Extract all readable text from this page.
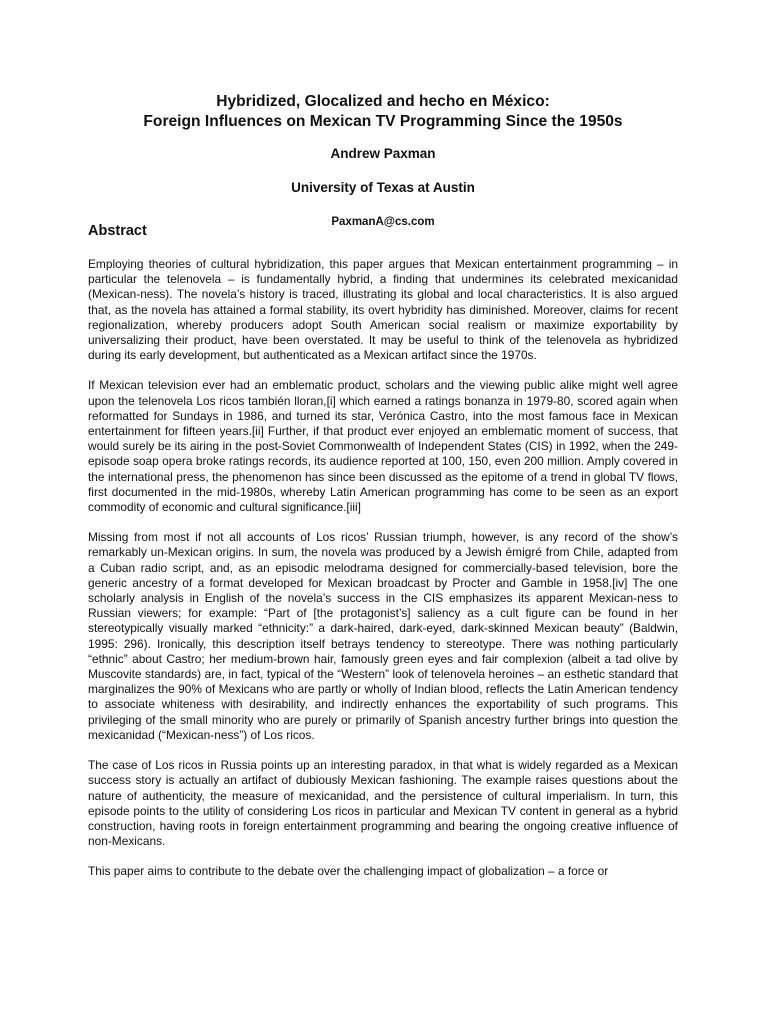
Hybridized, Glocalized and hecho en México:
Foreign Influences on Mexican TV Programming Since the 1950s
Andrew Paxman
University of Texas at Austin
PaxmanA@cs.com
Abstract

Employing theories of cultural hybridization, this paper argues that Mexican entertainment programming – in particular the telenovela – is fundamentally hybrid, a finding that undermines its celebrated mexicanidad (Mexican-ness). The novela’s history is traced, illustrating its global and local characteristics. It is also argued that, as the novela has attained a formal stability, its overt hybridity has diminished. Moreover, claims for recent regionalization, whereby producers adopt South American social realism or maximize exportability by universalizing their product, have been overstated. It may be useful to think of the telenovela as hybridized during its early development, but authenticated as a Mexican artifact since the 1970s.

If Mexican television ever had an emblematic product, scholars and the viewing public alike might well agree upon the telenovela Los ricos también lloran,[i] which earned a ratings bonanza in 1979-80, scored again when reformatted for Sundays in 1986, and turned its star, Verónica Castro, into the most famous face in Mexican entertainment for fifteen years.[ii] Further, if that product ever enjoyed an emblematic moment of success, that would surely be its airing in the post-Soviet Commonwealth of Independent States (CIS) in 1992, when the 249-episode soap opera broke ratings records, its audience reported at 100, 150, even 200 million. Amply covered in the international press, the phenomenon has since been discussed as the epitome of a trend in global TV flows, first documented in the mid-1980s, whereby Latin American programming has come to be seen as an export commodity of economic and cultural significance.[iii]

Missing from most if not all accounts of Los ricos’ Russian triumph, however, is any record of the show’s remarkably un-Mexican origins. In sum, the novela was produced by a Jewish émigré from Chile, adapted from a Cuban radio script, and, as an episodic melodrama designed for commercially-based television, bore the generic ancestry of a format developed for Mexican broadcast by Procter and Gamble in 1958.[iv] The one scholarly analysis in English of the novela’s success in the CIS emphasizes its apparent Mexican-ness to Russian viewers; for example: “Part of [the protagonist’s] saliency as a cult figure can be found in her stereotypically visually marked “ethnicity:” a dark-haired, dark-eyed, dark-skinned Mexican beauty” (Baldwin, 1995: 296). Ironically, this description itself betrays tendency to stereotype. There was nothing particularly “ethnic” about Castro; her medium-brown hair, famously green eyes and fair complexion (albeit a tad olive by Muscovite standards) are, in fact, typical of the “Western” look of telenovela heroines – an esthetic standard that marginalizes the 90% of Mexicans who are partly or wholly of Indian blood, reflects the Latin American tendency to associate whiteness with desirability, and indirectly enhances the exportability of such programs. This privileging of the small minority who are purely or primarily of Spanish ancestry further brings into question the mexicanidad (“Mexican-ness”) of Los ricos.

The case of Los ricos in Russia points up an interesting paradox, in that what is widely regarded as a Mexican success story is actually an artifact of dubiously Mexican fashioning. The example raises questions about the nature of authenticity, the measure of mexicanidad, and the persistence of cultural imperialism. In turn, this episode points to the utility of considering Los ricos in particular and Mexican TV content in general as a hybrid construction, having roots in foreign entertainment programming and bearing the ongoing creative influence of non-Mexicans.

This paper aims to contribute to the debate over the challenging impact of globalization – a force or
